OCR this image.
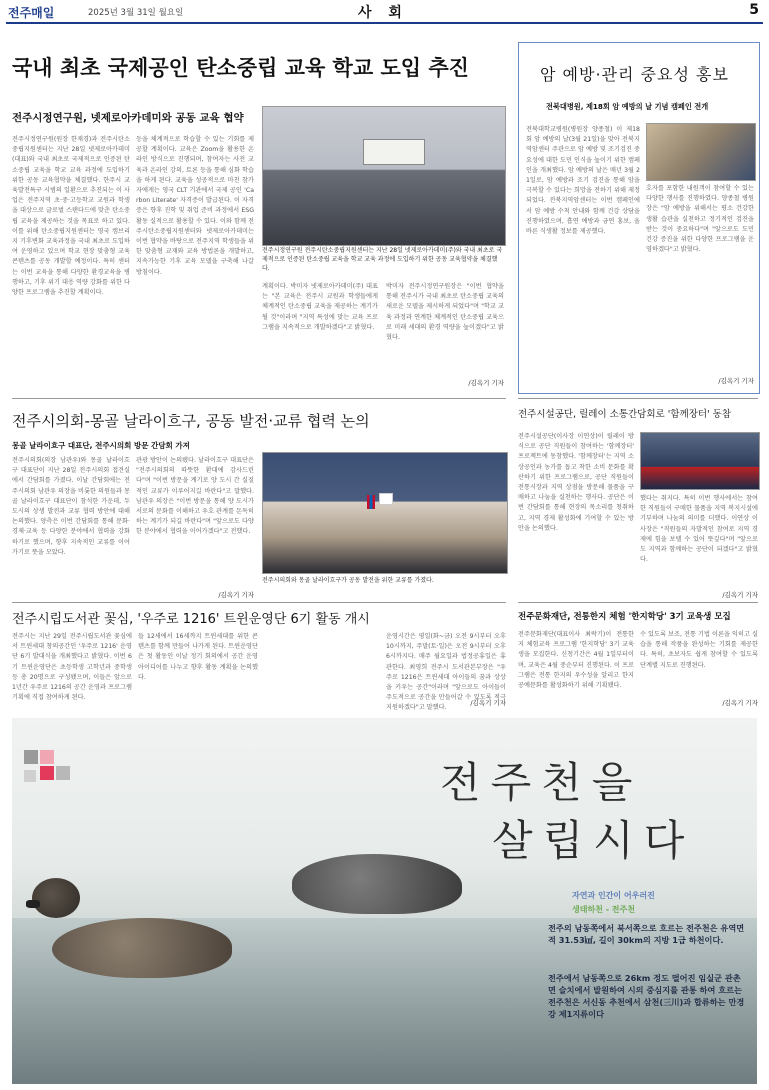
전주매일	2025년 3월 31일 월요일	사 회	5
국내 최초 국제공인 탄소중립 교육 학교 도입 추진
전주시정연구원, 넷제로아카데미와 공동 교육 협약
전주시정연구원(원장 한재경)과 전주시탄소중립지원센터는 지난 28일 넷제로아카데미(대표)와 국내 최초로 국제적으로 인증된 탄소중립 교육을 학교 교육 과정에 도입하기 위한 공동 교육협약을 체결했다. 한주시 교육발전특구 시범의 일환으로 추진되는 이 사업은 전주지역 초·중·고등학교 교원과 학생을 대상으로 글로벌 스탠다드에 맞춘 탄소중립 교육을 제공하는 것을 목표로 하고 있다. 이를 위해 탄소중립지원센터는 영국 캠브리지 기후변화 교육과정을 국내 최초로 도입하여 운영하고 있으며 학교 현장 맞춤형 교육 콘텐츠를 공동 개발할 예정이다. 특히 센터는 이번 교육을 통해 다양한 환경교육을 병행하고, 기후 위기 대응 역량 강화를 위한 다양한 프로그램을 추진할 계획이다.
등을 체계적으로 학습할 수 있는 기회를 제공할 계획이다. 교육은 Zoom을 활용한 온라인 방식으로 진행되며, 참여자는 사전 교육과 온라인 강의, 토론 등을 통해 심화 학습을 하게 된다. 교육을 성공적으로 마친 참가자에게는 영국 CLT 기관에서 국제 공인 'Carbon Literate' 자격증이 발급된다. 이 자격증은 향후 진학 및 취업 준비 과정에서 ESG 활동 실적으로 활용할 수 있다. 이와 함께 전주시탄소중립지원센터와 넷제로아카데미는 이번 협약을 바탕으로 전주지역 학생들을 위한 맞춤형 교재와 교육 방법론을 개발하고, 지속가능한 기후 교육 모델을 구축해 나갈 방침이다.
전주시정연구원 전주시탄소중립지원센터는 지난 28일 넷제로아카데미(주)와 국내 최초로 국제적으로 인증된 탄소중립 교육을 학교 교육 과정에 도입하기 위한 공동 교육협약을 체결했다.
계획이다. 박미자 넷제로아카데미(주) 대표는 "본 교육은 전주시 교원과 학생들에게 체계적인 탄소중립 교육을 제공하는 계기가 될 것"이라며 "지역 특성에 맞는 교육 프로그램을 지속적으로 개발하겠다"고 밝혔다.
박미자 전주시정연구원장은 "이번 협약을 통해 전주시가 국내 최초로 탄소중립 교육의 새로운 모델을 제시하게 되었다"며 "학교 교육 과정과 연계한 체계적인 탄소중립 교육으로 미래 세대의 환경 역량을 높이겠다"고 밝혔다.
/김옥기 기자
암 예방·관리 중요성 홍보
전북대병원, 제18회 암 예방의 날 기념 캠페인 전개
전북대학교병원(병원장 양종철) 이 제18회 암 예방의 날(3월 21일)을 맞아 전북지역암센터 주관으로 암 예방 및 조기검진 중요성에 대한 도민 인식을 높이기 위한 캠페인을 개최했다. 암 예방의 날은 매년 3월 21일로, 암 예방과 조기 검진을 통해 암을 극복할 수 있다는 희망을 전하기 위해 제정되었다. 전북지역암센터는 이번 캠페인에서 암 예방 수칙 안내와 함께 건강 상담을 진행하였으며, 흡연 예방과 금연 홍보, 올바른 식생활 정보를 제공했다.
호자를 포함한 내원객이 참여할 수 있는 다양한 행사를 진행하였다. 양종철 병원장은 "암 예방을 위해서는 평소 건강한 생활 습관을 실천하고 정기적인 검진을 받는 것이 중요하다"며 "앞으로도 도민 건강 증진을 위한 다양한 프로그램을 운영하겠다"고 밝혔다.
/김옥기 기자
전주시의회-몽골 날라이흐구, 공동 발전·교류 협력 논의
몽골 날라이흐구 대표단, 전주시의회 방문 간담회 가져
전주시의회(의장 남관우)와 몽골 날라이흐구 대표단이 지난 28일 전주시의회 접견실에서 간담회를 가졌다. 이날 간담회에는 전주시의회 남관우 의장을 비롯한 의원들과 몽골 날라이흐구 대표단이 참석한 가운데, 두 도시의 상생 발전과 교류 협력 방안에 대해 논의했다. 양측은 이번 간담회를 통해 문화·경제·교육 등 다양한 분야에서 협력을 강화하기로 했으며, 향후 지속적인 교류를 이어가기로 뜻을 모았다.
관광 방안이 논의됐다. 날라이흐구 대표단은 "전주시의회의 따뜻한 환대에 감사드린다"며 "이번 방문을 계기로 양 도시 간 실질적인 교류가 이루어지길 바란다"고 말했다. 남관우 의장은 "이번 방문을 통해 양 도시가 서로의 문화를 이해하고 우호 관계를 돈독히 하는 계기가 되길 바란다"며 "앞으로도 다양한 분야에서 협력을 이어가겠다"고 전했다.
/김옥기 기자
전주시의회와 몽골 날라이흐구가 공동 발전을 위한 교류를 가졌다.
전주시설공단, 릴레이 소통간담회로 '함께장터' 동참
전주시설공단(이사장 이연상)이 릴레이 방식으로 공단 직원들이 참여하는 '함께장터' 프로젝트에 동참했다. '함께장터'는 지역 소상공인과 농가를 돕고 착한 소비 문화를 확산하기 위한 프로그램으로, 공단 직원들이 전통시장과 지역 상점을 방문해 물품을 구매하고 나눔을 실천하는 행사다. 공단은 이번 간담회를 통해 현장의 목소리를 청취하고, 지역 경제 활성화에 기여할 수 있는 방안을 논의했다.
했다는 취지다. 특히 이번 행사에서는 참여한 직원들이 구매한 물품을 지역 복지시설에 기부하며 나눔의 의미를 더했다. 이연상 이사장은 "직원들의 자발적인 참여로 지역 경제에 힘을 보탤 수 있어 뜻깊다"며 "앞으로도 지역과 함께하는 공단이 되겠다"고 밝혔다.
/김옥기 기자
전주시립도서관 꽃심, '우주로 1216' 트윈운영단 6기 활동 개시
전주시는 지난 29일 전주시립도서관 꽃심에서 트윈세대 창의공간인 '우주로 1216' 운영단 6기 발대식을 개최했다고 밝혔다. 이번 6기 트윈운영단은 초등학생 고학년과 중학생 등 총 20명으로 구성됐으며, 이들은 앞으로 1년간 우주로 1216의 공간 운영과 프로그램 기획에 직접 참여하게 된다.
들 12세에서 16세까지 트윈세대를 위한 콘텐츠를 함께 만들어 나가게 된다. 트윈운영단은 첫 활동인 이날 정기 회의에서 공간 운영 아이디어를 나누고 향후 활동 계획을 논의했다.
운영시간은 평일(화~금) 오전 9시부터 오후 10시까지, 주말(토·일)은 오전 9시부터 오후 6시까지다. 매주 월요일과 법정공휴일은 휴관한다. 최영희 전주시 도서관본부장은 "우주로 1216은 트윈세대 아이들의 꿈과 상상을 키우는 공간"이라며 "앞으로도 아이들이 주도적으로 공간을 만들어갈 수 있도록 적극 지원하겠다"고 말했다.
/김옥기 기자
전주문화재단, 전통한지 체험 '한지학당' 3기 교육생 모집
전주문화재단(대표이사 최락기)이 전통한지 체험교육 프로그램 '한지학당' 3기 교육생을 모집한다. 신청기간은 4월 1일부터이며, 교육은 4월 중순부터 진행된다. 이 프로그램은 전통 한지의 우수성을 알리고 한지 공예문화를 활성화하기 위해 기획됐다.
수 있도록 보조, 전통 기법 이론을 익히고 실습을 통해 작품을 완성하는 기회를 제공한다. 특히, 초보자도 쉽게 참여할 수 있도록 단계별 지도로 진행된다.
/김옥기 기자
전주천을
살립시다
자연과 인간이 어우러진
생태하천 - 전주천
전주의 남동쪽에서 북서쪽으로 흐르는 전주천은 유역면적 31.53㎢, 길이 30km의 지방 1급 하천이다.
전주에서 남동쪽으로 26km 정도 떨어진 임실군 관촌면 슬치에서 발원하여 시의 중심지를 관통 하여 흐르는 전주천은 서신동 추천에서 삼천(三川)과 합류하는 만경강 제1지류이다
